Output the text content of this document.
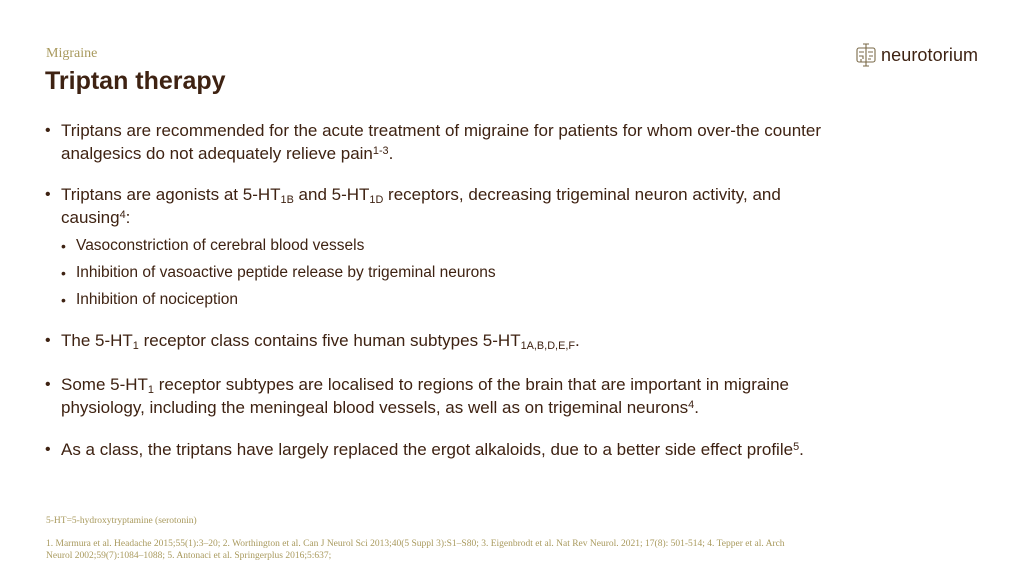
Migraine
Triptan therapy
neurotorium
• Triptans are recommended for the acute treatment of migraine for patients for whom over-the counter analgesics do not adequately relieve pain$^{1-3}$.
• Triptans are agonists at $5-HT_{1B}$ and $5-HT_{1D}$ receptors, decreasing trigeminal neuron activity, and causing$^4$:
• Vasoconstriction of cerebral blood vessels
• Inhibition of vasoactive peptide release by trigeminal neurons
• Inhibition of nociception
• The $5-HT_1$ receptor class contains five human subtypes $5-HT_{1A,B,D,E,F}$.
• Some $5-HT_1$ receptor subtypes are localised to regions of the brain that are important in migraine physiology, including the meningeal blood vessels, as well as on trigeminal neurons$^4$.
• As a class, the triptans have largely replaced the ergot alkaloids, due to a better side effect profile$^5$.
5-HT=5-hydroxytryptamine (serotonin)
1. Marmura et al. Headache 2015;55(1):3–20; 2. Worthington et al. Can J Neurol Sci 2013;40(5 Suppl 3):S1–S80; 3. Eigenbrodt et al. Nat Rev Neurol. 2021; 17(8): 501-514; 4. Tepper et al. Arch Neurol 2002;59(7):1084–1088; 5. Antonaci et al. Springerplus 2016;5:637;
